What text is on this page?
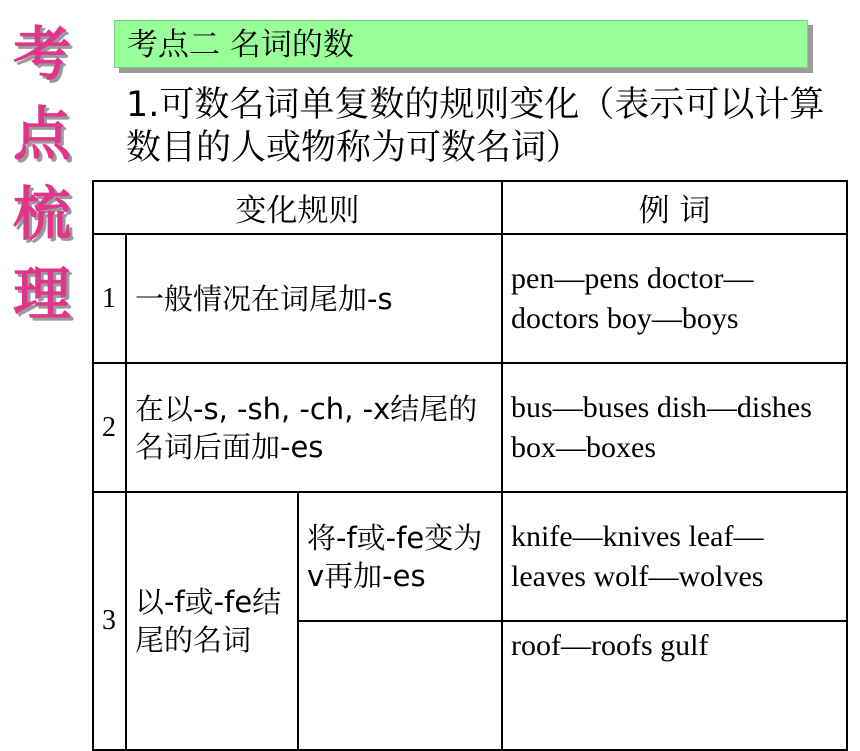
考
点
梳
理
考点二 名词的数
1.可数名词单复数的规则变化（表示可以计算数目的人或物称为可数名词）
变化规则			例 词
1	一般情况在词尾加-s		pen—pens doctor—doctors boy—boys
2	在以-s, -sh, -ch, -x结尾的名词后面加-es		bus—buses dish—dishes box—boxes
3	以-f或-fe结尾的名词	将-f或-fe变为v再加-es	knife—knives leaf—leaves wolf—wolves
			roof—roofs gulf
